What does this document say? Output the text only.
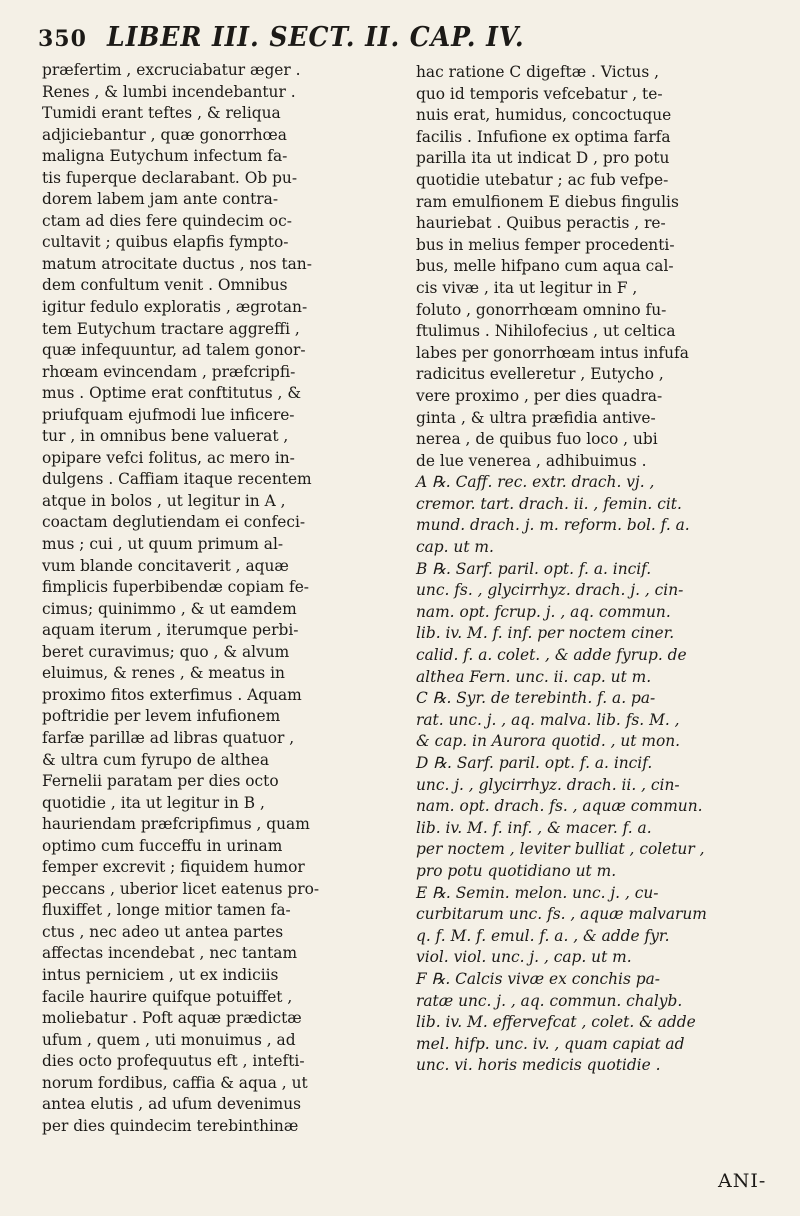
350 LIBER III. SECT. II. CAP. IV.
præfertim , excruciabatur æger .
Renes , & lumbi incendebantur .
Tumidi erant teftes , & reliqua
adjiciebantur , quæ gonorrhœa
maligna Eutychum infectum fa-
tis fuperque declarabant. Ob pu-
dorem labem jam ante contra-
ctam ad dies fere quindecim oc-
cultavit ; quibus elapfis fympto-
matum atrocitate ductus , nos tan-
dem confultum venit . Omnibus
igitur fedulo exploratis , ægrotan-
tem Eutychum tractare aggreffi ,
quæ infequuntur, ad talem gonor-
rhœam evincendam , præfcripfi-
mus . Optime erat conftitutus , &
priufquam ejufmodi lue inficere-
tur , in omnibus bene valuerat ,
opipare vefci folitus, ac mero in-
dulgens . Caffiam itaque recentem
atque in bolos , ut legitur in A ,
coactam deglutiendam ei confeci-
mus ; cui , ut quum primum al-
vum blande concitaverit , aquæ
fimplicis fuperbibendæ copiam fe-
cimus; quinimmo , & ut eamdem
aquam iterum , iterumque perbi-
beret curavimus; quo , & alvum
eluimus, & renes , & meatus in
proximo fitos exterfimus . Aquam
poftridie per levem infufionem
farfæ parillæ ad libras quatuor ,
& ultra cum fyrupo de althea
Fernelii paratam per dies octo
quotidie , ita ut legitur in B ,
hauriendam præfcripfimus , quam
optimo cum fucceffu in urinam
femper excrevit ; fiquidem humor
peccans , uberior licet eatenus pro-
fluxiffet , longe mitior tamen fa-
ctus , nec adeo ut antea partes
affectas incendebat , nec tantam
intus perniciem , ut ex indiciis
facile haurire quifque potuiffet ,
moliebatur . Poft aquæ prædictæ
ufum , quem , uti monuimus , ad
dies octo profequutus eft , intefti-
norum fordibus, caffia & aqua , ut
antea elutis , ad ufum devenimus
per dies quindecim terebinthinæ
hac ratione C digeftæ . Victus ,
quo id temporis vefcebatur , te-
nuis erat, humidus, concoctuque
facilis . Infufione ex optima farfa
parilla ita ut indicat D , pro potu
quotidie utebatur ; ac fub vefpe-
ram emulfionem E diebus fingulis
hauriebat . Quibus peractis , re-
bus in melius femper procedenti-
bus, melle hifpano cum aqua cal-
cis vivæ , ita ut legitur in F ,
foluto , gonorrhœam omnino fu-
ftulimus . Nihilofecius , ut celtica
labes per gonorrhœam intus infufa
radicitus evelleretur , Eutycho ,
vere proximo , per dies quadra-
ginta , & ultra præfidia antive-
nerea , de quibus fuo loco , ubi
de lue venerea , adhibuimus .
A ℞. Caff. rec. extr. drach. vj. ,
cremor. tart. drach. ii. , femin. cit.
mund. drach. j. m. reform. bol. f. a.
cap. ut m.
B ℞. Sarf. paril. opt. f. a. incif.
unc. fs. , glycirrhyz. drach. j. , cin-
nam. opt. fcrup. j. , aq. commun.
lib. iv. M. f. inf. per noctem ciner.
calid. f. a. colet. , & adde fyrup. de
althea Fern. unc. ii. cap. ut m.
C ℞. Syr. de terebinth. f. a. pa-
rat. unc. j. , aq. malva. lib. fs. M. ,
& cap. in Aurora quotid. , ut mon.
D ℞. Sarf. paril. opt. f. a. incif.
unc. j. , glycirrhyz. drach. ii. , cin-
nam. opt. drach. fs. , aquæ commun.
lib. iv. M. f. inf. , & macer. f. a.
per noctem , leviter bulliat , coletur ,
pro potu quotidiano ut m.
E ℞. Semin. melon. unc. j. , cu-
curbitarum unc. fs. , aquæ malvarum
q. f. M. f. emul. f. a. , & adde fyr.
viol. viol. unc. j. , cap. ut m.
F ℞. Calcis vivæ ex conchis pa-
ratæ unc. j. , aq. commun. chalyb.
lib. iv. M. effervefcat , colet. & adde
mel. hifp. unc. iv. , quam capiat ad
unc. vi. horis medicis quotidie .
ANI-
